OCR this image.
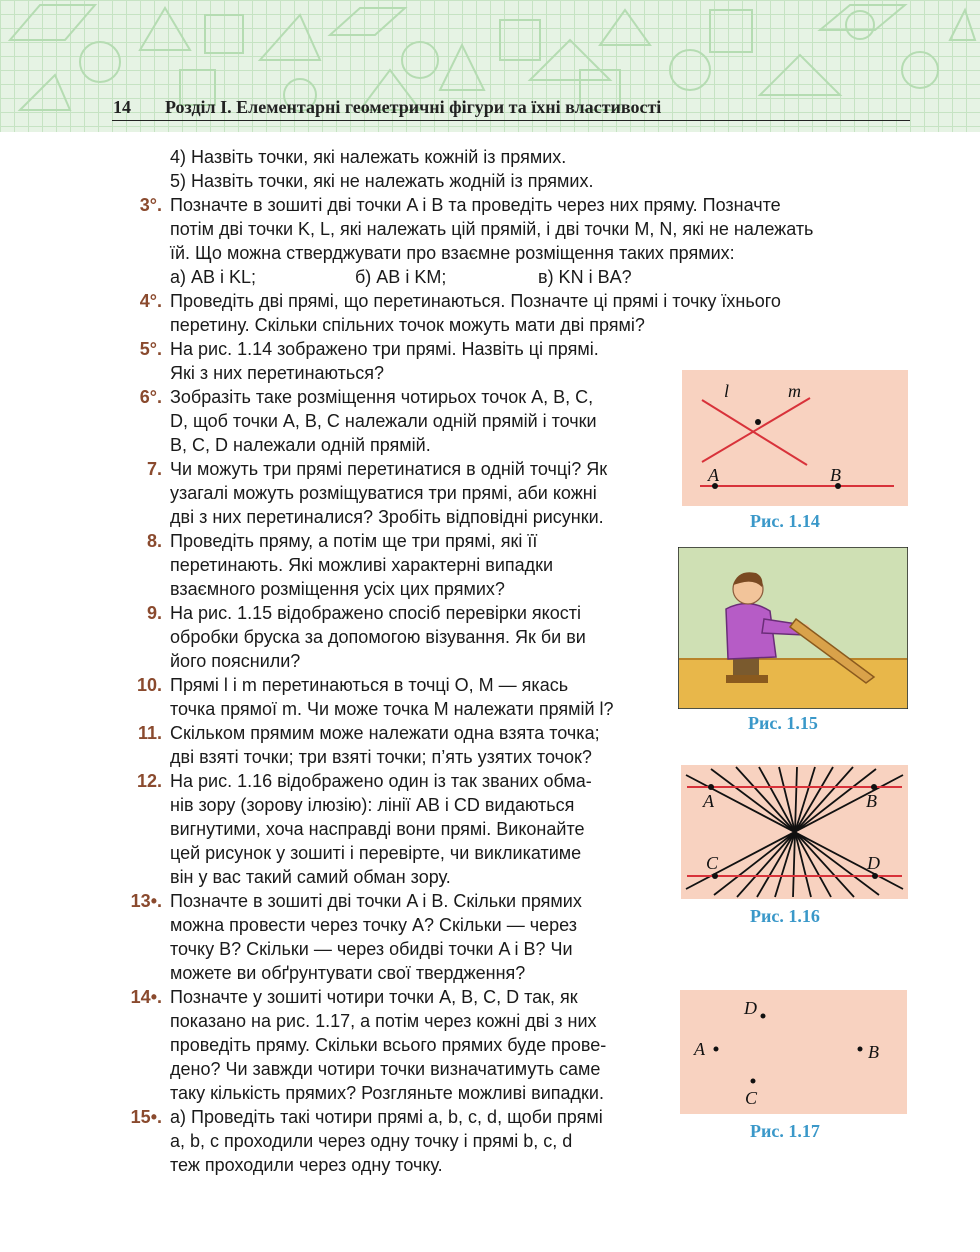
14 Розділ I. Елементарні геометричні фігури та їхні властивості
4) Назвіть точки, які належать кожній із прямих.
5) Назвіть точки, які не належать жодній із прямих.
3°. Позначте в зошиті дві точки A і B та проведіть через них пряму. Позначте
потім дві точки K, L, які належать цій прямій, і дві точки M, N, які не належать
їй. Що можна стверджувати про взаємне розміщення таких прямих:
а) AB і KL;	б) AB і KM;	в) KN і BA?
4°. Проведіть дві прямі, що перетинаються. Позначте ці прямі і точку їхнього
перетину. Скільки спільних точок можуть мати дві прямі?
5°. На рис. 1.14 зображено три прямі. Назвіть ці прямі.
Які з них перетинаються?
6°. Зобразіть таке розміщення чотирьох точок A, B, C,
D, щоб точки A, B, C належали одній прямій і точки
B, C, D належали одній прямій.
7. Чи можуть три прямі перетинатися в одній точці? Як
узагалі можуть розміщуватися три прямі, аби кожні
дві з них перетиналися? Зробіть відповідні рисунки.
8. Проведіть пряму, а потім ще три прямі, які її
перетинають. Які можливі характерні випадки
взаємного розміщення усіх цих прямих?
9. На рис. 1.15 відображено спосіб перевірки якості
обробки бруска за допомогою візування. Як би ви
його пояснили?
10. Прямі l і m перетинаються в точці O, M — якась
точка прямої m. Чи може точка M належати прямій l?
11. Скільком прямим може належати одна взята точка;
дві взяті точки; три взяті точки; п’ять узятих точок?
12. На рис. 1.16 відображено один із так званих обма-
нів зору (зорову ілюзію): лінії AB і CD видаються
вигнутими, хоча насправді вони прямі. Виконайте
цей рисунок у зошиті і перевірте, чи викликатиме
він у вас такий самий обман зору.
13•. Позначте в зошиті дві точки A і B. Скільки прямих
можна провести через точку A? Скільки — через
точку B? Скільки — через обидві точки A і B? Чи
можете ви обґрунтувати свої твердження?
14•. Позначте у зошиті чотири точки A, B, C, D так, як
показано на рис. 1.17, а потім через кожні дві з них
проведіть пряму. Скільки всього прямих буде прове-
дено? Чи завжди чотири точки визначатимуть саме
таку кількість прямих? Розгляньте можливі випадки.
15•. а) Проведіть такі чотири прямі a, b, c, d, щоби прямі
a, b, c проходили через одну точку і прямі b, c, d
теж проходили через одну точку.
l	m
A	B
Рис. 1.14
Рис. 1.15
A	B
C	D
Рис. 1.16
A	B
C
D
Рис. 1.17
